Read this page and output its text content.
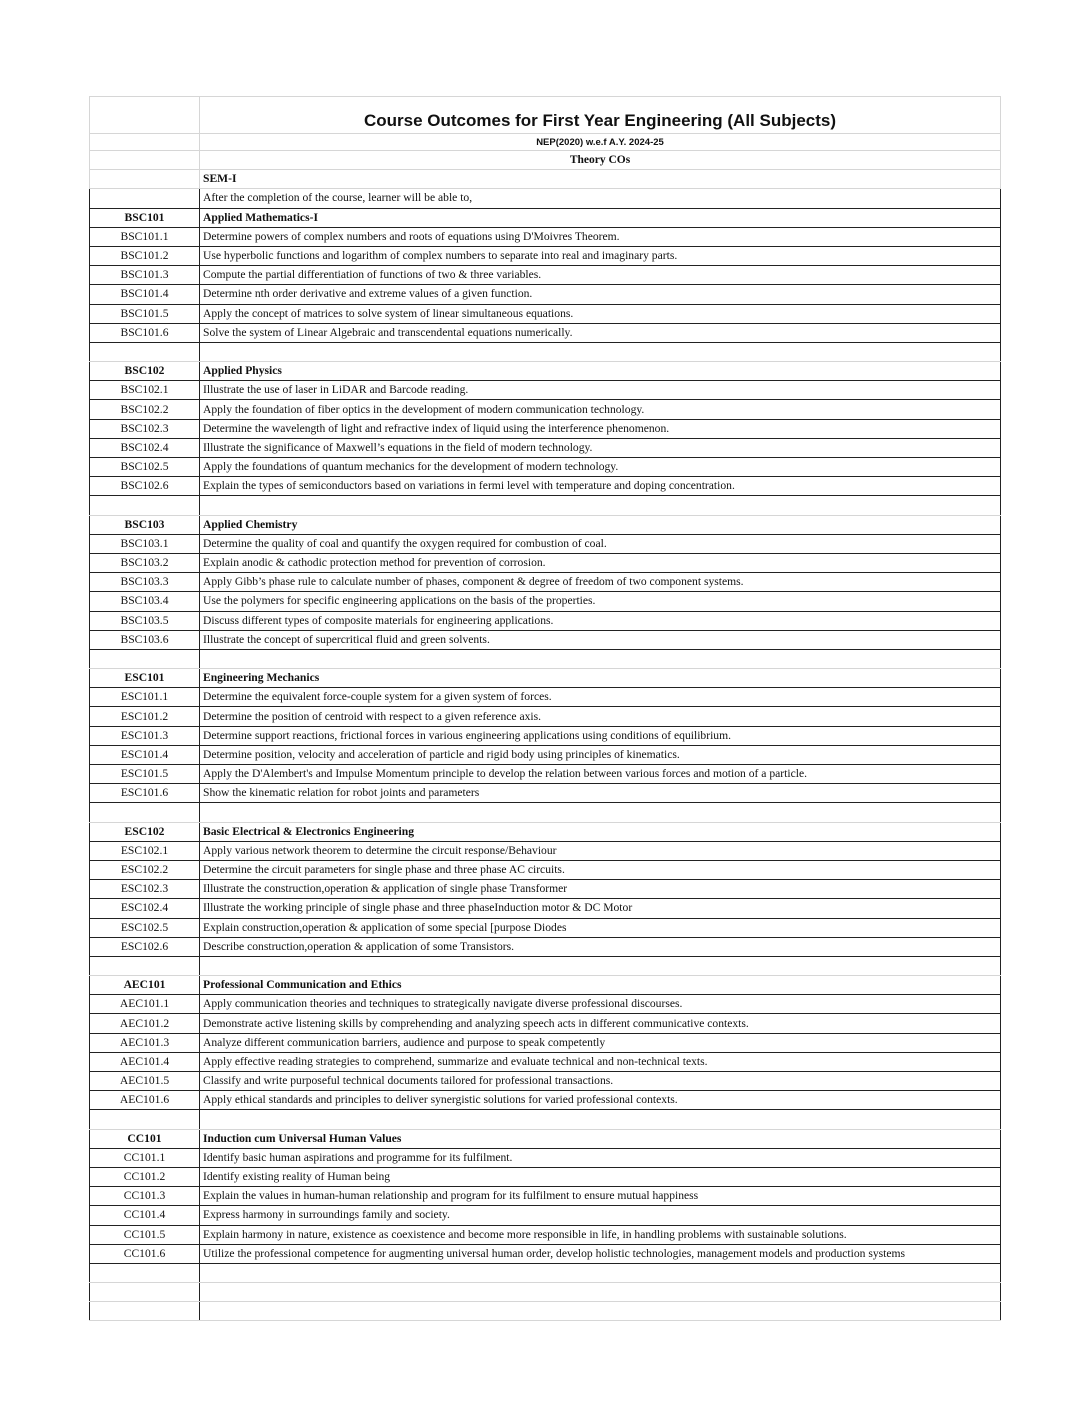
	Course Outcomes for First Year Engineering (All Subjects)
	NEP(2020) w.e.f A.Y. 2024-25
	Theory COs
	SEM-I
	After the completion of the course, learner will be able to,
BSC101	Applied Mathematics-I
BSC101.1	Determine powers of complex numbers and roots of equations using D'Moivres Theorem.
BSC101.2	Use hyperbolic functions and logarithm of complex numbers to separate into real and imaginary parts.
BSC101.3	Compute the partial differentiation of functions of two & three variables.
BSC101.4	Determine nth order derivative and extreme values of a given function.
BSC101.5	Apply the concept of matrices to solve system of linear simultaneous equations.
BSC101.6	Solve the system of Linear Algebraic and transcendental equations numerically.

BSC102	Applied Physics
BSC102.1	Illustrate the use of laser in LiDAR and Barcode reading.
BSC102.2	Apply the foundation of fiber optics in the development of modern communication technology.
BSC102.3	Determine the wavelength of light and refractive index of liquid using the interference phenomenon.
BSC102.4	Illustrate the significance of Maxwell’s equations in the field of modern technology.
BSC102.5	Apply the foundations of quantum mechanics for the development of modern technology.
BSC102.6	Explain the types of semiconductors based on variations in fermi level with temperature and doping concentration.

BSC103	Applied Chemistry
BSC103.1	Determine the quality of coal and quantify the oxygen required for combustion of coal.
BSC103.2	Explain anodic & cathodic protection method for prevention of corrosion.
BSC103.3	Apply Gibb’s phase rule to calculate number of phases, component & degree of freedom of two component systems.
BSC103.4	Use the polymers for specific engineering applications on the basis of the properties.
BSC103.5	Discuss different types of composite materials for engineering applications.
BSC103.6	Illustrate the concept of supercritical fluid and green solvents.

ESC101	Engineering Mechanics
ESC101.1	Determine the equivalent force-couple system for a given system of forces.
ESC101.2	Determine the position of centroid with respect to a given reference axis.
ESC101.3	Determine support reactions, frictional forces in various engineering applications using conditions of equilibrium.
ESC101.4	Determine position, velocity and acceleration of particle and rigid body using principles of kinematics.
ESC101.5	Apply the D'Alembert's and Impulse Momentum principle to develop the relation between various forces and motion of a particle.
ESC101.6	Show the kinematic relation for robot joints and parameters

ESC102	Basic Electrical & Electronics Engineering
ESC102.1	Apply various network theorem to determine the circuit response/Behaviour
ESC102.2	Determine the circuit parameters for single phase and three phase AC circuits.
ESC102.3	Illustrate the construction,operation & application of single phase Transformer
ESC102.4	Illustrate the working principle of single phase and three phaseInduction motor & DC Motor
ESC102.5	Explain construction,operation & application of some special [purpose Diodes
ESC102.6	Describe construction,operation & application of some Transistors.

AEC101	Professional Communication and Ethics
AEC101.1	Apply communication theories and techniques to strategically navigate diverse professional discourses.
AEC101.2	Demonstrate active listening skills by comprehending and analyzing speech acts in different communicative contexts.
AEC101.3	Analyze different communication barriers, audience and purpose to speak competently
AEC101.4	Apply effective reading strategies to comprehend, summarize and evaluate technical and non-technical texts.
AEC101.5	Classify and write purposeful technical documents tailored for professional transactions.
AEC101.6	Apply ethical standards and principles to deliver synergistic solutions for varied professional contexts.

CC101	Induction cum Universal Human Values
CC101.1	Identify basic human aspirations and programme for its fulfilment.
CC101.2	Identify existing reality of Human being
CC101.3	Explain the values in human-human relationship and program for its fulfilment to ensure mutual happiness
CC101.4	Express harmony in surroundings family and society.
CC101.5	Explain harmony in nature, existence as coexistence and become more responsible in life, in handling problems with sustainable solutions.
CC101.6	Utilize the professional competence for augmenting universal human order, develop holistic technologies, management models and production systems
